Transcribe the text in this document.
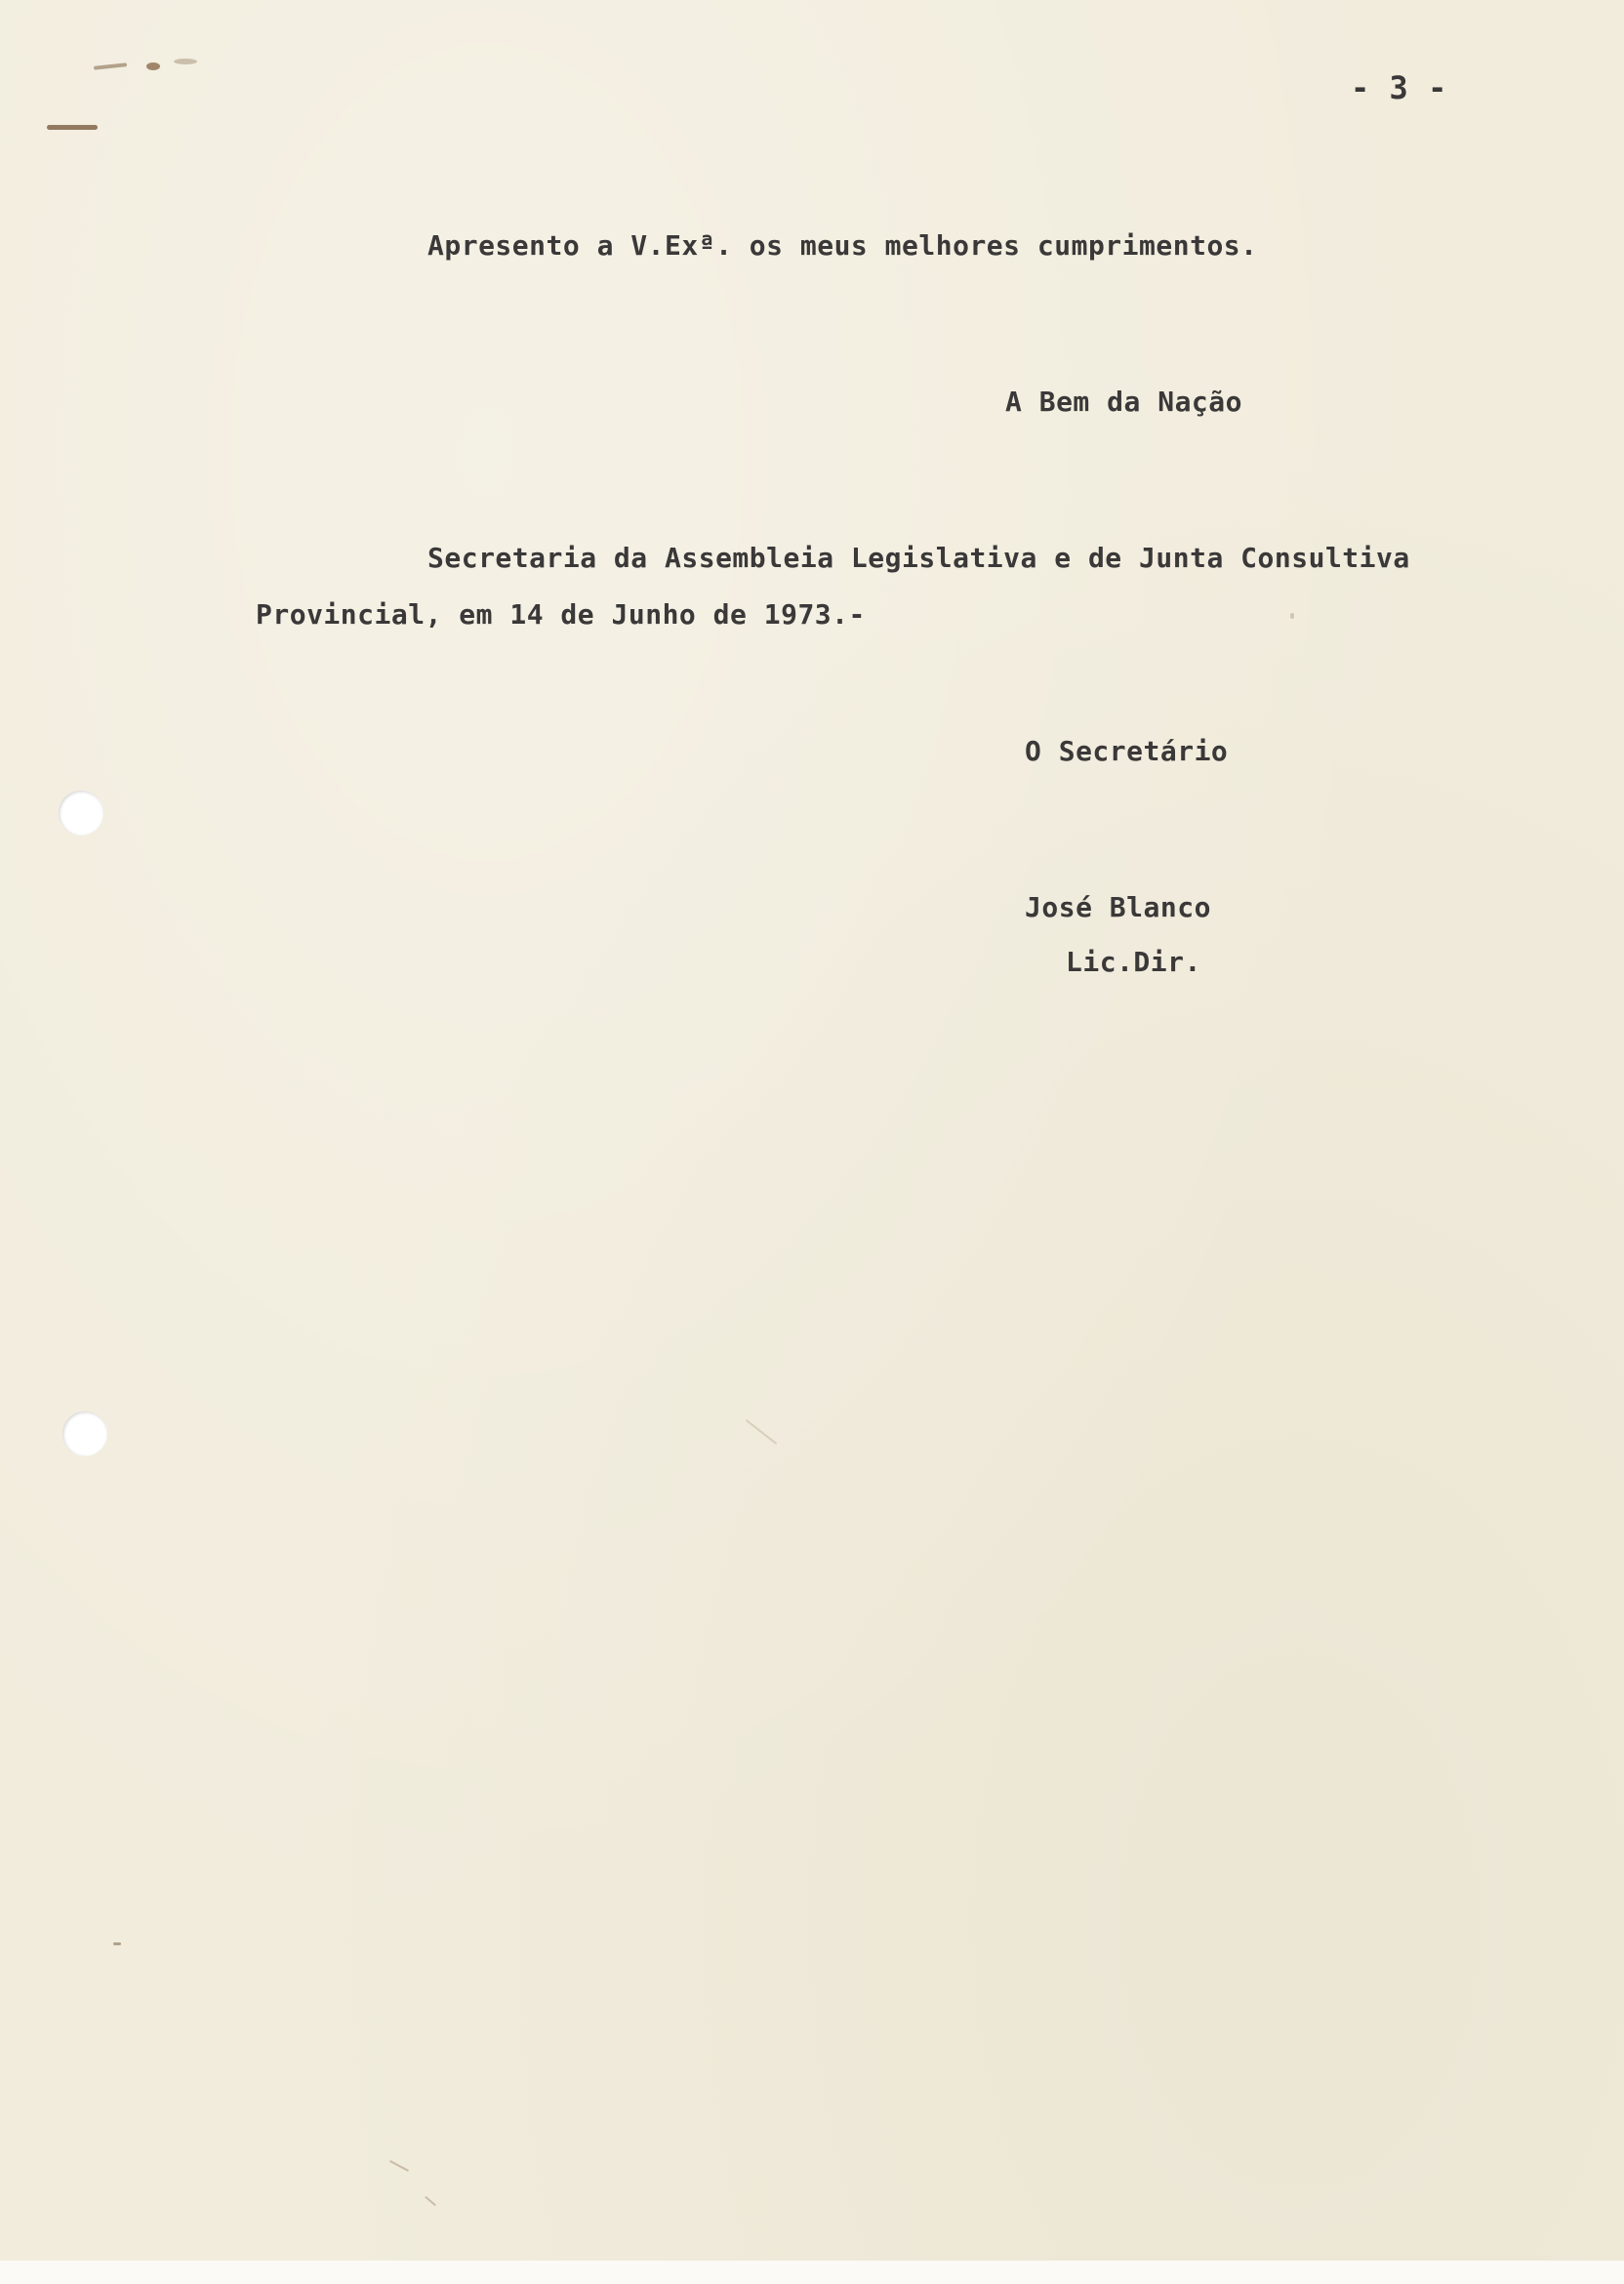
- 3 -
Apresento a V.Exª. os meus melhores cumprimentos.
A Bem da Nação
Secretaria da Assembleia Legislativa e de Junta Consultiva
Provincial, em 14 de Junho de 1973.-
O Secretário
José Blanco
Lic.Dir.
